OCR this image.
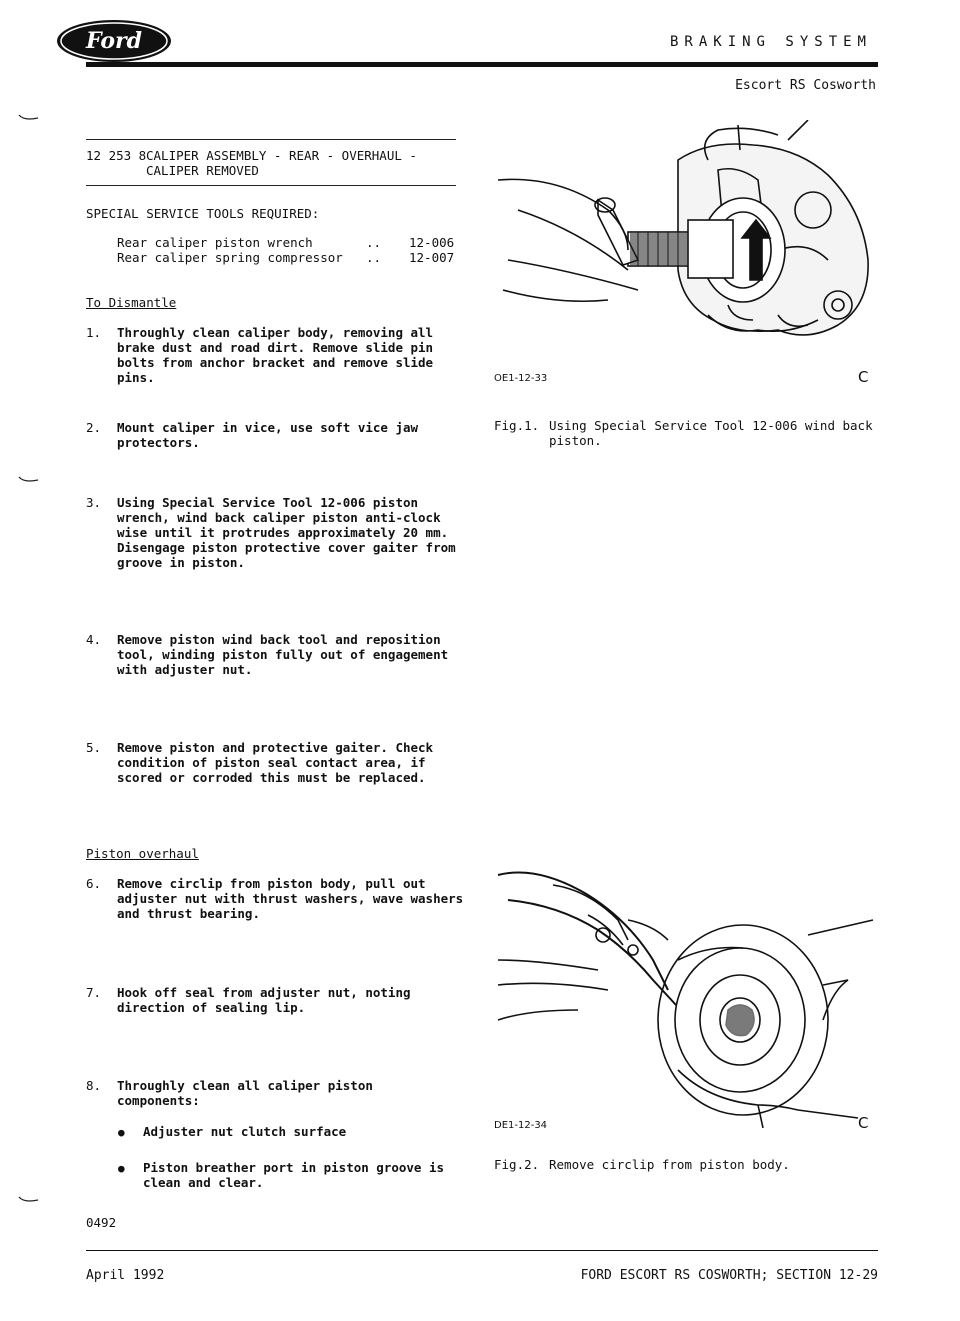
Ford	BRAKING SYSTEM
Escort RS Cosworth
12 253 8 CALIPER ASSEMBLY - REAR - OVERHAUL -
CALIPER REMOVED
SPECIAL SERVICE TOOLS REQUIRED:
Rear caliper piston wrench	.. 12-006
Rear caliper spring compressor .. 12-007
To Dismantle
1. Throughly clean caliper body, removing all brake dust and road dirt. Remove slide pin bolts from anchor bracket and remove slide pins.
2. Mount caliper in vice, use soft vice jaw protectors.
3. Using Special Service Tool 12-006 piston wrench, wind back caliper piston anti-clock wise until it protrudes approximately 20 mm. Disengage piston protective cover gaiter from groove in piston.
4. Remove piston wind back tool and reposition tool, winding piston fully out of engagement with adjuster nut.
5. Remove piston and protective gaiter. Check condition of piston seal contact area, if scored or corroded this must be replaced.
Piston overhaul
6. Remove circlip from piston body, pull out adjuster nut with thrust washers, wave washers and thrust bearing.
7. Hook off seal from adjuster nut, noting direction of sealing lip.
8. Throughly clean all caliper piston components:
● Adjuster nut clutch surface
● Piston breather port in piston groove is clean and clear.
OE1-12-33	C
Fig.1. Using Special Service Tool 12-006 wind back piston.
DE1-12-34	C
Fig.2. Remove circlip from piston body.
0492
April 1992	FORD ESCORT RS COSWORTH; SECTION 12-29
